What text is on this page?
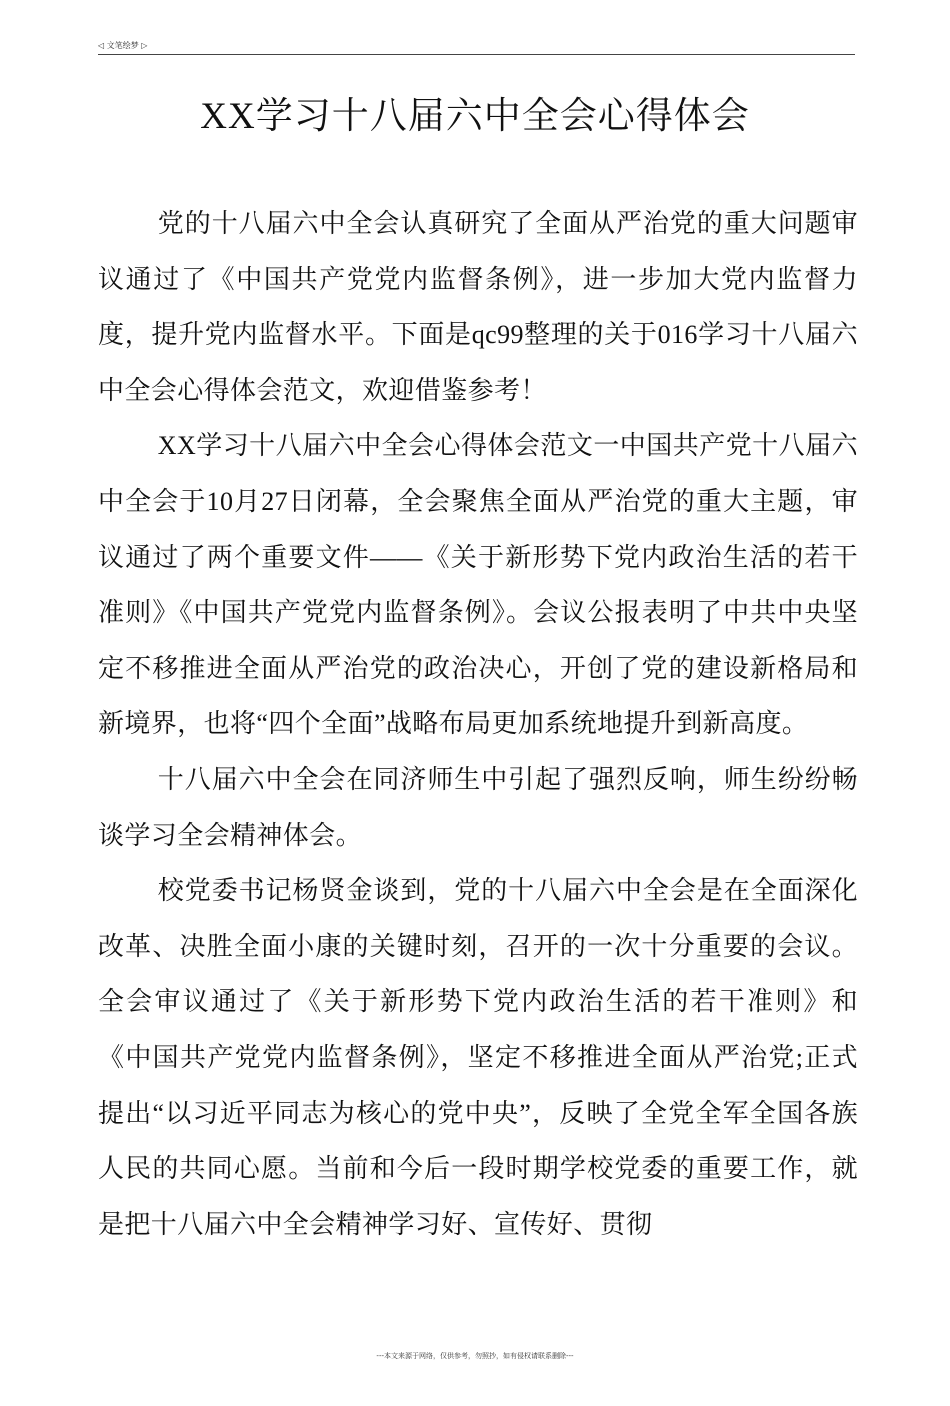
◁ 文笔绘梦 ▷
XX学习十八届六中全会心得体会

党的十八届六中全会认真研究了全面从严治党的重大问题审议通过了《中国共产党党内监督条例》，进一步加大党内监督力度，提升党内监督水平。下面是qc99整理的关于016学习十八届六中全会心得体会范文，欢迎借鉴参考！

XX学习十八届六中全会心得体会范文一中国共产党十八届六中全会于10月27日闭幕，全会聚焦全面从严治党的重大主题，审议通过了两个重要文件——《关于新形势下党内政治生活的若干准则》《中国共产党党内监督条例》。会议公报表明了中共中央坚定不移推进全面从严治党的政治决心，开创了党的建设新格局和新境界，也将“四个全面”战略布局更加系统地提升到新高度。

十八届六中全会在同济师生中引起了强烈反响，师生纷纷畅谈学习全会精神体会。

校党委书记杨贤金谈到，党的十八届六中全会是在全面深化改革、决胜全面小康的关键时刻，召开的一次十分重要的会议。全会审议通过了《关于新形势下党内政治生活的若干准则》和《中国共产党党内监督条例》，坚定不移推进全面从严治党;正式提出“以习近平同志为核心的党中央”，反映了全党全军全国各族人民的共同心愿。当前和今后一段时期学校党委的重要工作，就是把十八届六中全会精神学习好、宣传好、贯彻

---本文来源于网络，仅供参考，勿照抄，如有侵权请联系删除---
